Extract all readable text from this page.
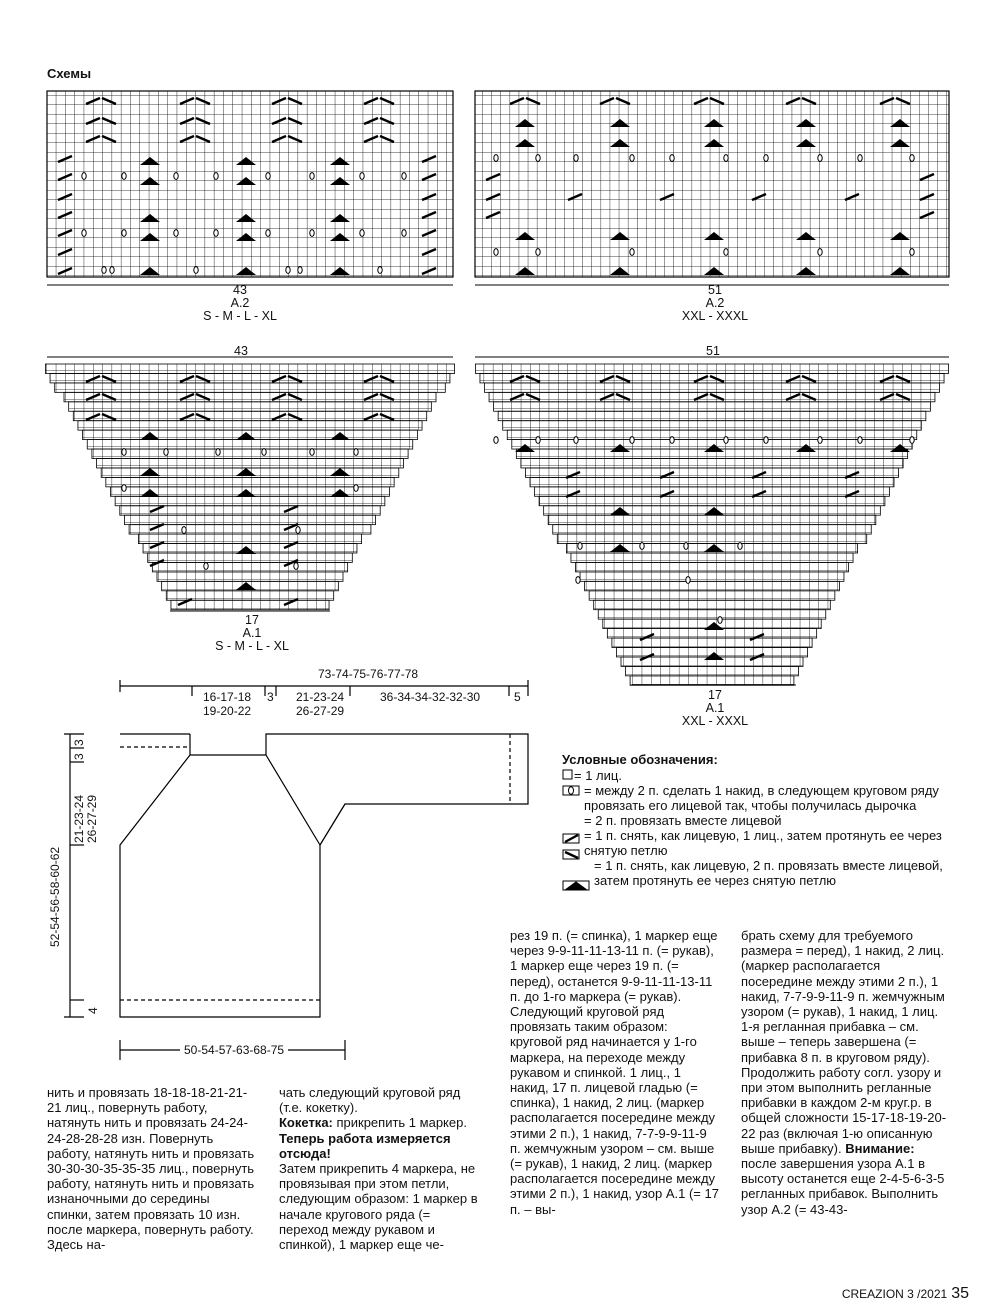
Схемы

43
A.2
S - M - L - XL
51
A.2
XXL - XXXL
43	51
17
A.1
S - M - L - XL
17
A.1
XXL - XXXL
73-74-75-76-77-78
16-17-18
19-20-22
3 21-23-24
26-27-29
36-34-34-32-32-30	5
50-54-57-63-68-75
52-54-56-58-60-62
21-23-24 26-27-29
3
3
4
Условные обозначения:
= 1 лиц.
= между 2 п. сделать 1 накид, в следующем круговом ряду провязать его лицевой так, чтобы получилась дырочка
= 2 п. провязать вместе лицевой
= 1 п. снять, как лицевую, 1 лиц., затем протянуть ее через снятую петлю
= 1 п. снять, как лицевую, 2 п. провязать вместе лицевой, затем протянуть ее через снятую петлю
нить и провязать 18-18-18-21-21-21 лиц., повернуть работу, натянуть нить и провязать 24-24-24-28-28-28 изн. Повернуть работу, натянуть нить и провязать 30-30-30-35-35-35 лиц., повернуть работу, натянуть нить и провязать изнаночными до середины спинки, затем провязать 10 изн. после маркера, повернуть работу. Здесь на-
чать следующий круговой ряд (т.е. кокетку).
Кокетка: прикрепить 1 маркер. Теперь работа измеряется отсюда!
Затем прикрепить 4 маркера, не провязывая при этом петли, следующим образом: 1 маркер в начале кругового ряда (= переход между рукавом и спинкой), 1 маркер еще че-
рез 19 п. (= спинка), 1 маркер еще через 9-9-11-11-13-11 п. (= рукав), 1 маркер еще через 19 п. (= перед), останется 9-9-11-11-13-11 п. до 1-го маркера (= рукав). Следующий круговой ряд провязать таким образом: круговой ряд начинается у 1-го маркера, на переходе между рукавом и спинкой. 1 лиц., 1 накид, 17 п. лицевой гладью (= спинка), 1 накид, 2 лиц. (маркер располагается посередине между этими 2 п.), 1 накид, 7-7-9-9-11-9 п. жемчужным узором – см. выше (= рукав), 1 накид, 2 лиц. (маркер располагается посередине между этими 2 п.), 1 накид, узор A.1 (= 17 п. – вы-
брать схему для требуемого размера = перед), 1 накид, 2 лиц. (маркер располагается посередине между этими 2 п.), 1 накид, 7-7-9-9-11-9 п. жемчужным узором (= рукав), 1 накид, 1 лиц. 1-я регланная прибавка – см. выше – теперь завершена (= прибавка 8 п. в круговом ряду). Продолжить работу согл. узору и при этом выполнить регланные прибавки в каждом 2-м круг.р. в общей сложности 15-17-18-19-20-22 раз (включая 1-ю описанную выше прибавку). Внимание: после завершения узора A.1 в высоту останется еще 2-4-5-6-3-5 регланных прибавок. Выполнить узор A.2 (= 43-43-
CREAZION 3 /2021 35
